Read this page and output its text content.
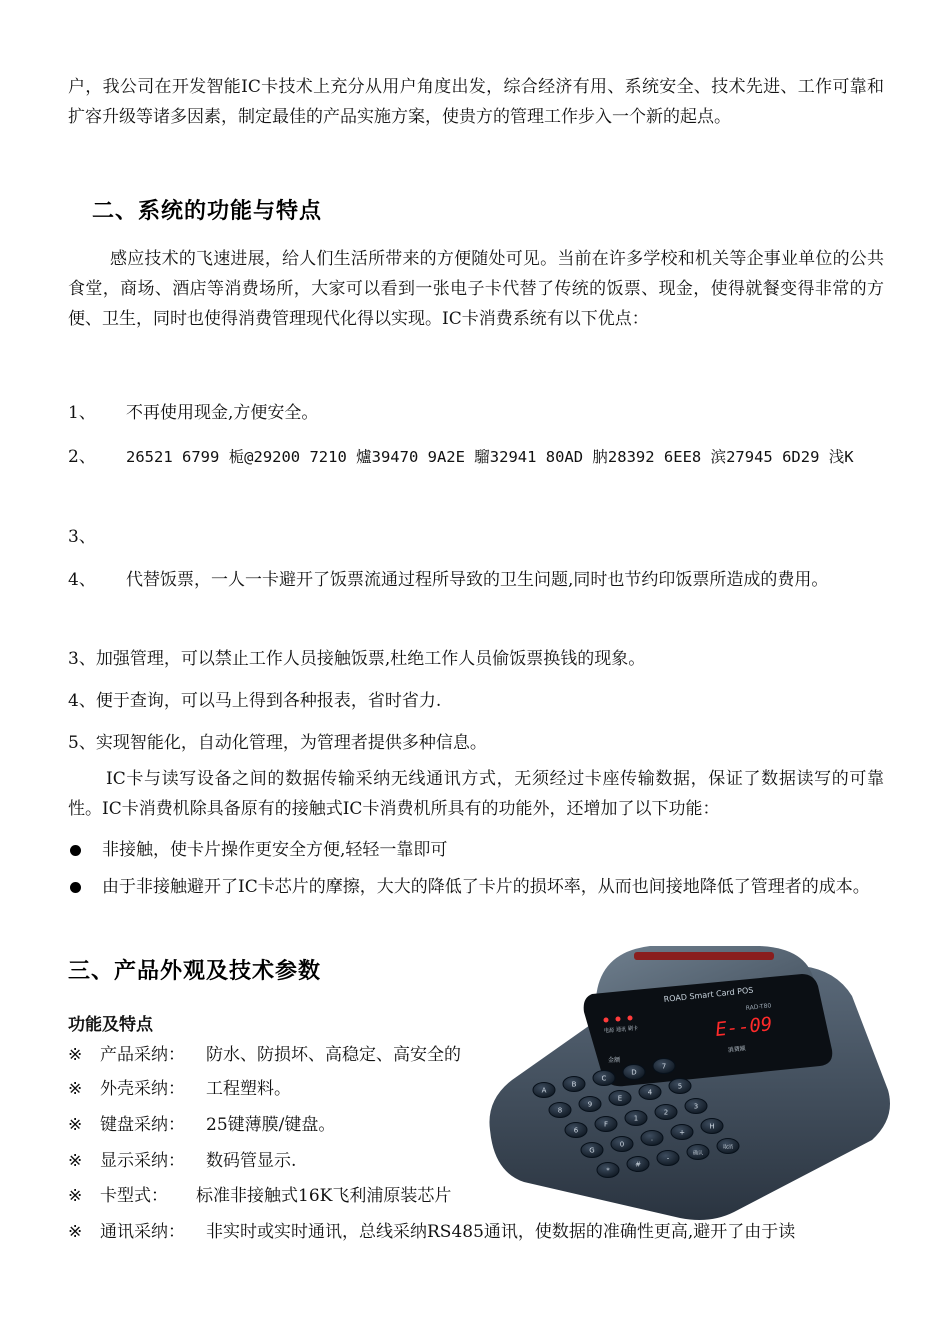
户，我公司在开发智能IC卡技术上充分从用户角度出发，综合经济有用、系统安全、技术先进、工作可靠和扩容升级等诸多因素，制定最佳的产品实施方案，使贵方的管理工作步入一个新的起点。

二、系统的功能与特点

感应技术的飞速进展，给人们生活所带来的方便随处可见。当前在许多学校和机关等企事业单位的公共食堂，商场、酒店等消费场所，大家可以看到一张电子卡代替了传统的饭票、现金，使得就餐变得非常的方便、卫生，同时也使得消费管理现代化得以实现。IC卡消费系统有以下优点：

1、 不再使用现金,方便安全。
2、 26521 6799 栀@29200 7210 爐39470 9A2E 騮32941 80AD 肭28392 6EE8 滨27945 6D29 浅K
3、
4、 代替饭票，一人一卡避开了饭票流通过程所导致的卫生问题,同时也节约印饭票所造成的费用。
3、加强管理，可以禁止工作人员接触饭票,杜绝工作人员偷饭票换钱的现象。
4、便于查询，可以马上得到各种报表，省时省力.
5、实现智能化，自动化管理，为管理者提供多种信息。

IC卡与读写设备之间的数据传输采纳无线通讯方式，无须经过卡座传输数据，保证了数据读写的可靠性。IC卡消费机除具备原有的接触式IC卡消费机所具有的功能外，还增加了以下功能：

非接触，使卡片操作更安全方便,轻轻一靠即可
由于非接触避开了IC卡芯片的摩擦，大大的降低了卡片的损坏率，从而也间接地降低了管理者的成本。
三、产品外观及技术参数
功能及特点
※ 产品采纳： 防水、防损坏、高稳定、高安全的
※ 外壳采纳： 工程塑料。
※ 键盘采纳： 25键薄膜/键盘。
※ 显示采纳： 数码管显示.
※ 卡型式： 标准非接触式16K飞利浦原装芯片
※ 通讯采纳： 非实时或实时通讯，总线采纳RS485通讯，使数据的准确性更高,避开了由于读
ROAD Smart Card POS
RAD-T80
电源 通讯 刷卡
金额
E--09
消费额
A
B
C
D
7
8
9
E
4
5
6
F
1
2
3
G
0
.
+
H
*
#
-
确认
取消
